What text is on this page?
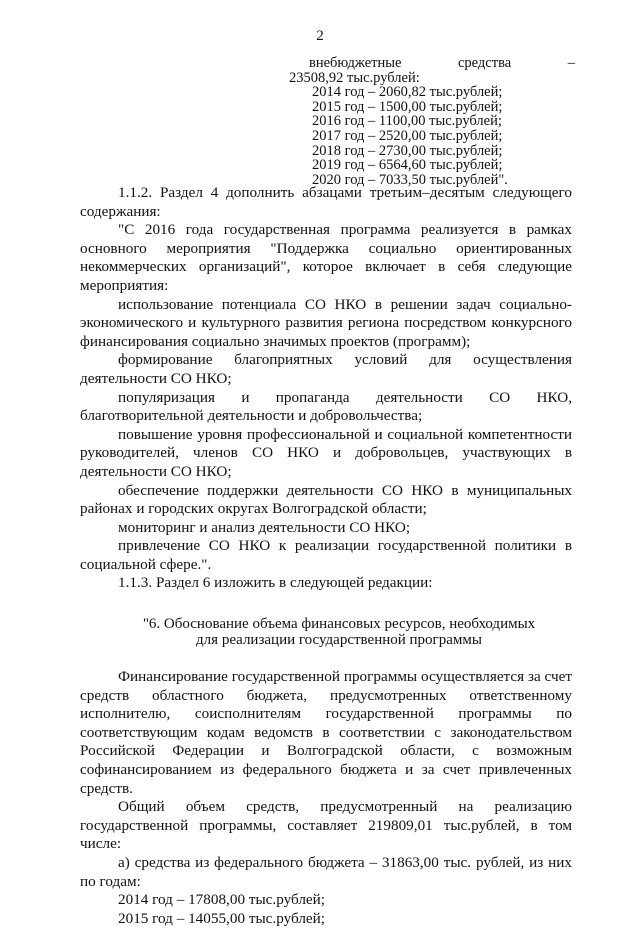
2
внебюджетные	средства	–
23508,92 тыс.рублей:
2014 год – 2060,82 тыс.рублей;
2015 год – 1500,00 тыс.рублей;
2016 год – 1100,00 тыс.рублей;
2017 год – 2520,00 тыс.рублей;
2018 год – 2730,00 тыс.рублей;
2019 год – 6564,60 тыс.рублей;
2020 год – 7033,50 тыс.рублей".

1.1.2. Раздел 4 дополнить абзацами третьим–десятым следующего содержания:

"С 2016 года государственная программа реализуется в рамках основного мероприятия "Поддержка социально ориентированных некоммерческих организаций", которое включает в себя следующие мероприятия:

использование потенциала СО НКО в решении задач социально-экономического и культурного развития региона посредством конкурсного финансирования социально значимых проектов (программ);

формирование благоприятных условий для осуществления деятельности СО НКО;

популяризация и пропаганда деятельности СО НКО, благотворительной деятельности и добровольчества;

повышение уровня профессиональной и социальной компетентности руководителей, членов СО НКО и добровольцев, участвующих в деятельности СО НКО;

обеспечение поддержки деятельности СО НКО в муниципальных районах и городских округах Волгоградской области;

мониторинг и анализ деятельности СО НКО;

привлечение СО НКО к реализации государственной политики в социальной сфере.".

1.1.3. Раздел 6 изложить в следующей редакции:

"6. Обоснование объема финансовых ресурсов, необходимых
для реализации государственной программы

Финансирование государственной программы осуществляется за счет средств областного бюджета, предусмотренных ответственному исполнителю, соисполнителям государственной программы по соответствующим кодам ведомств в соответствии с законодательством Российской Федерации и Волгоградской области, с возможным софинансированием из федерального бюджета и за счет привлеченных средств.

Общий объем средств, предусмотренный на реализацию государственной программы, составляет 219809,01 тыс.рублей, в том числе:

а) средства из федерального бюджета – 31863,00 тыс. рублей, из них по годам:

2014 год – 17808,00 тыс.рублей;

2015 год – 14055,00 тыс.рублей;
